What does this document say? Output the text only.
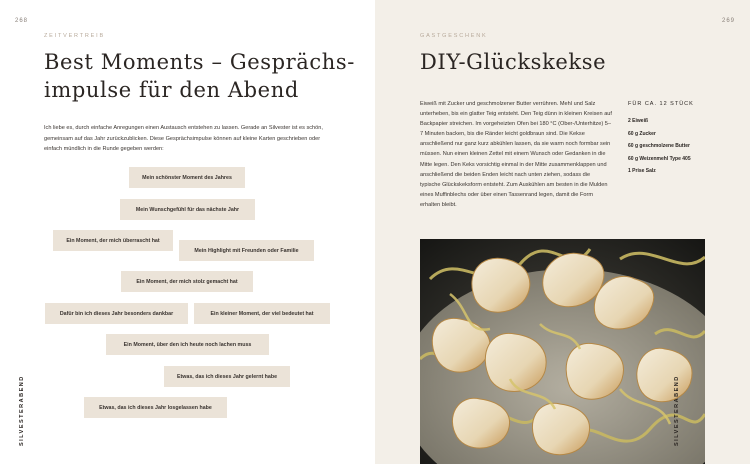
268
ZEITVERTREIB
Best Moments – Gesprächs-
impulse für den Abend

Ich liebe es, durch einfache Anregungen einen Austausch entstehen zu lassen. Gerade an Silvester ist es schön, gemeinsam auf das Jahr zurückzublicken. Diese Gesprächsimpulse können auf kleine Karten geschrieben oder einfach mündlich in die Runde gegeben werden:

Mein schönster Moment des Jahres
Mein Wunschgefühl für das nächste Jahr
Ein Moment, der mich überrascht hat
Mein Highlight mit Freunden oder Familie
Ein Moment, der mich stolz gemacht hat
Dafür bin ich dieses Jahr besonders dankbar	Ein kleiner Moment, der viel bedeutet hat
Ein Moment, über den ich heute noch lachen muss
Etwas, das ich dieses Jahr gelernt habe
Etwas, das ich dieses Jahr losgelassen habe
SILVESTERABEND
269
GASTGESCHENK
DIY-Glückskekse

Eiweiß mit Zucker und geschmolzener Butter verrühren. Mehl und Salz unterheben, bis ein glatter Teig entsteht. Den Teig dünn in kleinen Kreisen auf Backpapier streichen. Im vorgeheizten Ofen bei 180 °C (Ober-/Unterhitze) 5–7 Minuten backen, bis die Ränder leicht goldbraun sind. Die Kekse anschließend nur ganz kurz abkühlen lassen, da sie warm noch formbar sein müssen. Nun einen kleinen Zettel mit einem Wunsch oder Gedanken in die Mitte legen. Den Keks vorsichtig einmal in der Mitte zusammenklappen und anschließend die beiden Enden leicht nach unten ziehen, sodass die typische Glückskeksform entsteht. Zum Auskühlen am besten in die Mulden eines Muffinblechs oder über einen Tassenrand legen, damit die Form erhalten bleibt.

FÜR CA. 12 STÜCK
2 Eiweiß
60 g Zucker
60 g geschmolzene Butter
60 g Weizenmehl Type 405
1 Prise Salz
